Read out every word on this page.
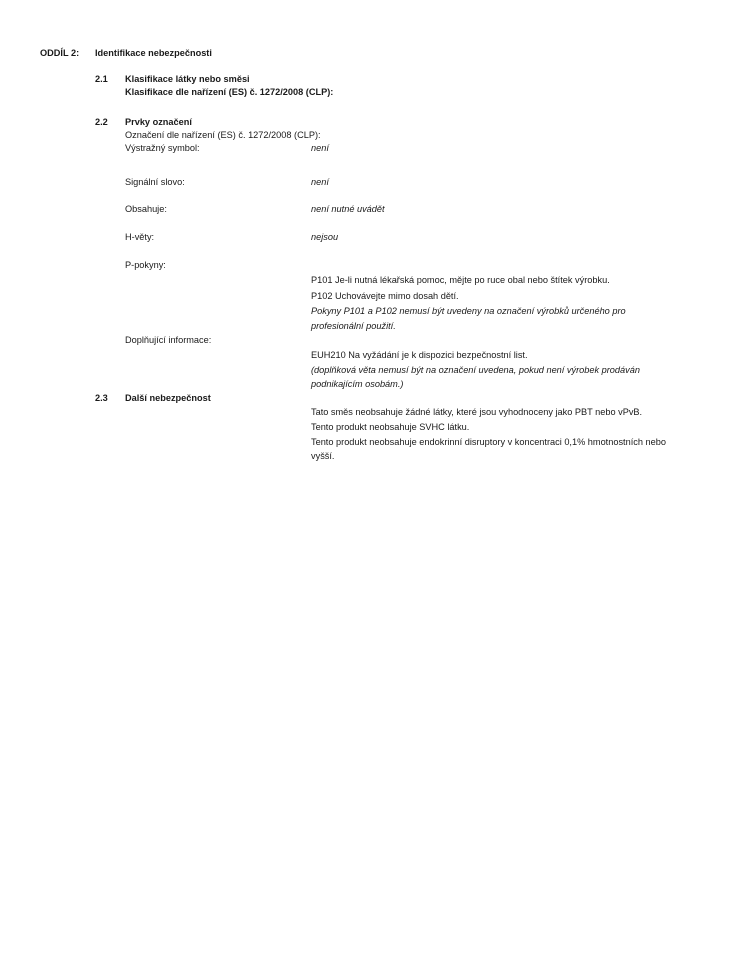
ODDÍL 2: Identifikace nebezpečnosti
2.1 Klasifikace látky nebo směsi
Klasifikace dle nařízení (ES) č. 1272/2008 (CLP):
2.2 Prvky označení
Označení dle nařízení (ES) č. 1272/2008 (CLP):
Výstražný symbol:	není
Signální slovo:	není
Obsahuje:	není nutné uvádět
H-věty:	nejsou
P-pokyny:
P101 Je-li nutná lékařská pomoc, mějte po ruce obal nebo štítek výrobku.
P102 Uchovávejte mimo dosah dětí.
Pokyny P101 a P102 nemusí být uvedeny na označení výrobků určeného pro
profesionální použití.
Doplňující informace:
EUH210 Na vyžádání je k dispozici bezpečnostní list.
(doplňková věta nemusí být na označení uvedena, pokud není výrobek prodáván
podnikajícím osobám.)
2.3 Další nebezpečnost
Tato směs neobsahuje žádné látky, které jsou vyhodnoceny jako PBT nebo vPvB.
Tento produkt neobsahuje SVHC látku.
Tento produkt neobsahuje endokrinní disruptory v koncentraci 0,1% hmotnostních nebo
vyšší.
